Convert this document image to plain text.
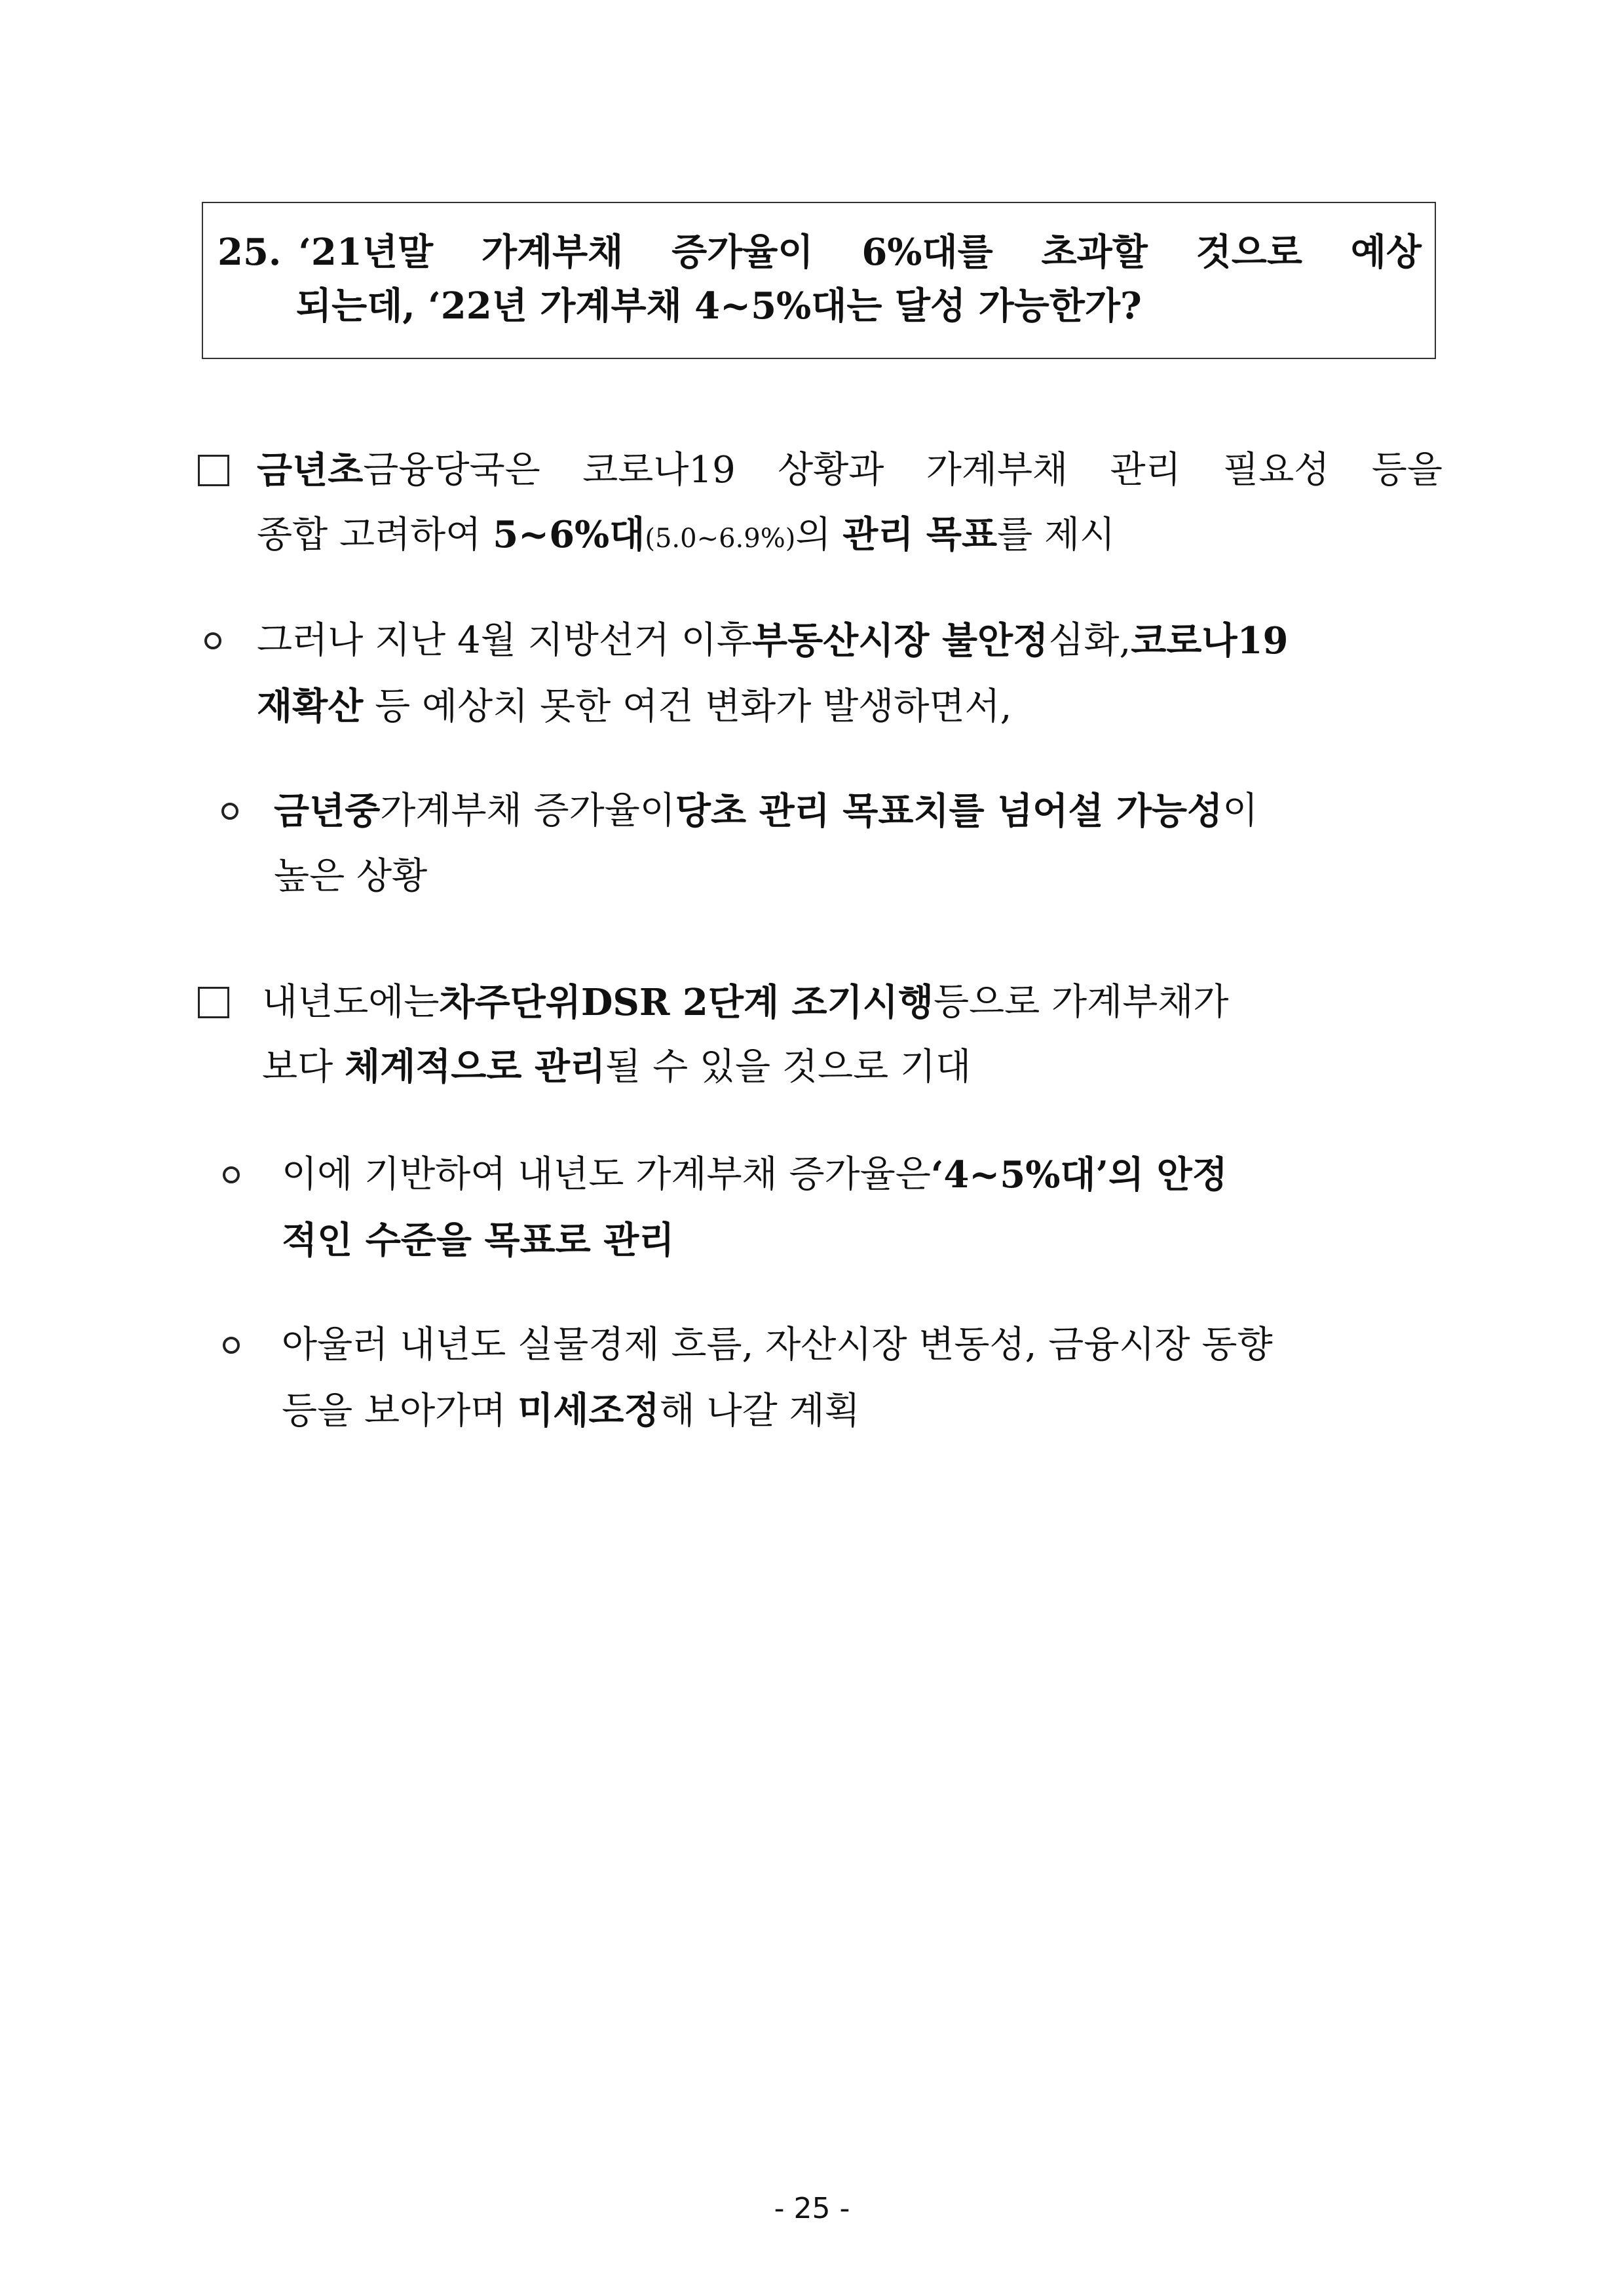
25. ‘21년말 가계부채 증가율이 6%대를 초과할 것으로 예상
되는데, ‘22년 가계부채 4~5%대는 달성 가능한가?
금년초 금융당국은 코로나19 상황과 가계부채 관리 필요성 등을
종합 고려하여 5~6%대(5.0~6.9%)의 관리 목표를 제시
그러나 지난 4월 지방선거 이후 부동산시장 불안정 심화, 코로나19
재확산 등 예상치 못한 여건 변화가 발생하면서,
금년중 가계부채 증가율이 당초 관리 목표치를 넘어설 가능성 이
높은 상황
내년도에는 차주단위DSR 2단계 조기시행 등으로 가계부채가
보다 체계적으로 관리될 수 있을 것으로 기대
이에 기반하여 내년도 가계부채 증가율은 ‘4~5%대’의 안정
적인 수준을 목표로 관리
아울러 내년도 실물경제 흐름, 자산시장 변동성, 금융시장 동향
등을 보아가며 미세조정해 나갈 계획
- 25 -
